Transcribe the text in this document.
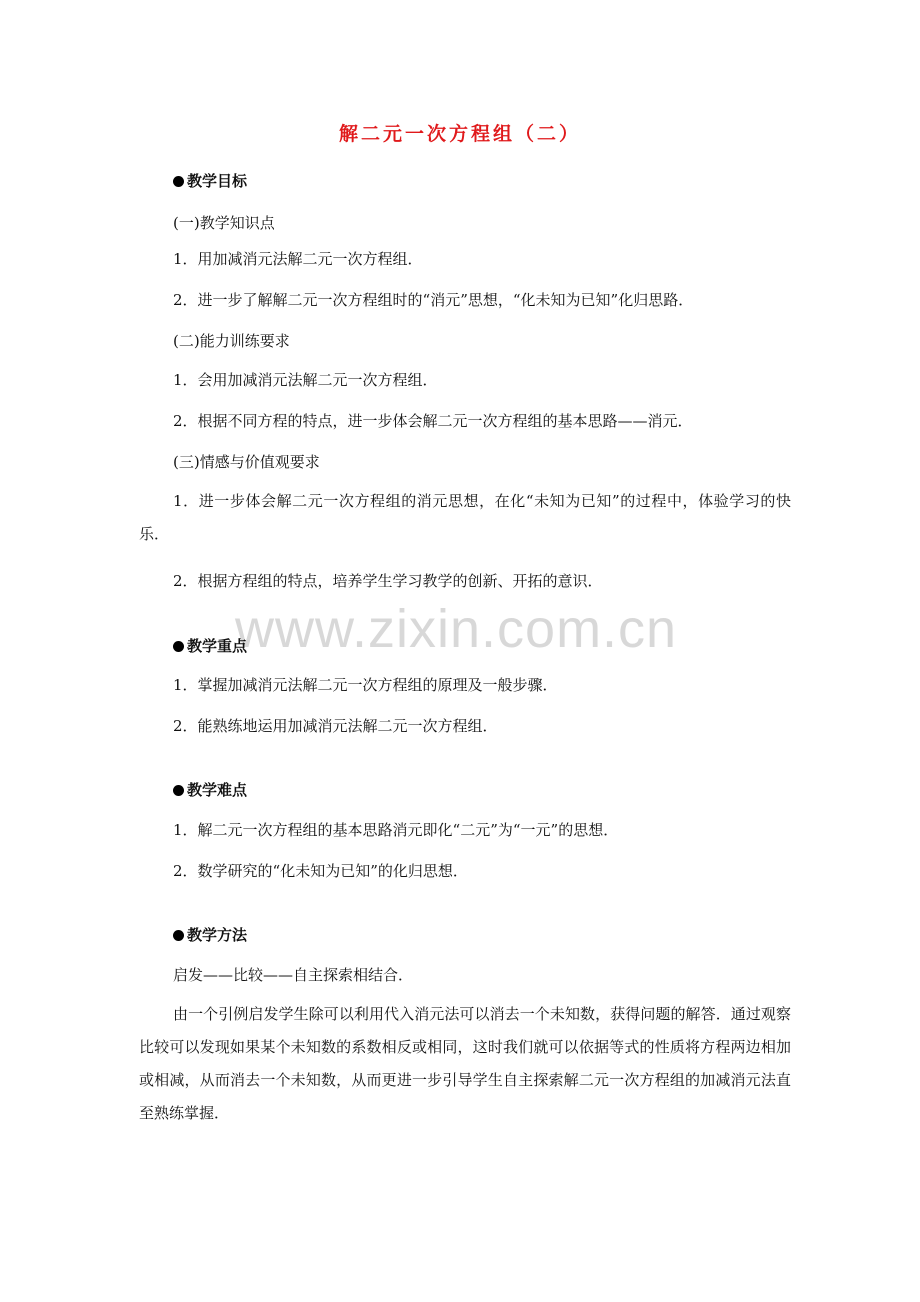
解二元一次方程组（二）
www.zixin.com.cn
教学目标
(一)教学知识点
1．用加减消元法解二元一次方程组．
2．进一步了解解二元一次方程组时的“消元”思想，“化未知为已知”化归思路．
(二)能力训练要求
1．会用加减消元法解二元一次方程组．
2．根据不同方程的特点，进一步体会解二元一次方程组的基本思路——消元．
(三)情感与价值观要求
1．进一步体会解二元一次方程组的消元思想，在化“未知为已知”的过程中，体验学习的快乐．
2．根据方程组的特点，培养学生学习教学的创新、开拓的意识．
教学重点
1．掌握加减消元法解二元一次方程组的原理及一般步骤．
2．能熟练地运用加减消元法解二元一次方程组．
教学难点
1．解二元一次方程组的基本思路消元即化“二元”为“一元”的思想．
2．数学研究的“化未知为已知”的化归思想．
教学方法
启发——比较——自主探索相结合．
由一个引例启发学生除可以利用代入消元法可以消去一个未知数，获得问题的解答．通过观察比较可以发现如果某个未知数的系数相反或相同，这时我们就可以依据等式的性质将方程两边相加或相减，从而消去一个未知数，从而更进一步引导学生自主探索解二元一次方程组的加减消元法直至熟练掌握．
